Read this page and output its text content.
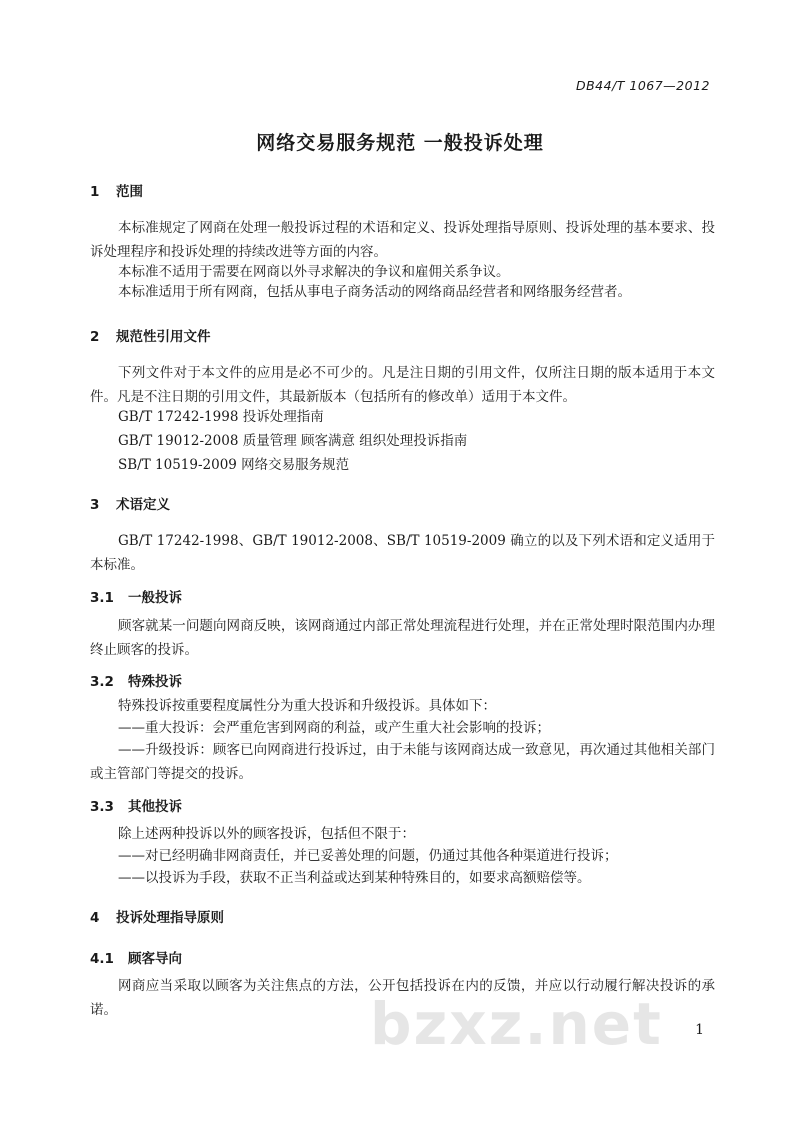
DB44/T 1067—2012
网络交易服务规范 一般投诉处理
1 范围
本标准规定了网商在处理一般投诉过程的术语和定义、投诉处理指导原则、投诉处理的基本要求、投诉处理程序和投诉处理的持续改进等方面的内容。
本标准不适用于需要在网商以外寻求解决的争议和雇佣关系争议。
本标准适用于所有网商，包括从事电子商务活动的网络商品经营者和网络服务经营者。
2 规范性引用文件
下列文件对于本文件的应用是必不可少的。凡是注日期的引用文件，仅所注日期的版本适用于本文件。凡是不注日期的引用文件，其最新版本（包括所有的修改单）适用于本文件。
GB/T 17242-1998 投诉处理指南
GB/T 19012-2008 质量管理 顾客满意 组织处理投诉指南
SB/T 10519-2009 网络交易服务规范
3 术语定义
GB/T 17242-1998、GB/T 19012-2008、SB/T 10519-2009 确立的以及下列术语和定义适用于本标准。
3.1 一般投诉
顾客就某一问题向网商反映，该网商通过内部正常处理流程进行处理，并在正常处理时限范围内办理终止顾客的投诉。
3.2 特殊投诉
特殊投诉按重要程度属性分为重大投诉和升级投诉。具体如下：
——重大投诉：会严重危害到网商的利益，或产生重大社会影响的投诉；
——升级投诉：顾客已向网商进行投诉过，由于未能与该网商达成一致意见，再次通过其他相关部门或主管部门等提交的投诉。
3.3 其他投诉
除上述两种投诉以外的顾客投诉，包括但不限于：
——对已经明确非网商责任，并已妥善处理的问题，仍通过其他各种渠道进行投诉；
——以投诉为手段，获取不正当利益或达到某种特殊目的，如要求高额赔偿等。
4 投诉处理指导原则
4.1 顾客导向
网商应当采取以顾客为关注焦点的方法，公开包括投诉在内的反馈，并应以行动履行解决投诉的承诺。	bzxz.net 1
